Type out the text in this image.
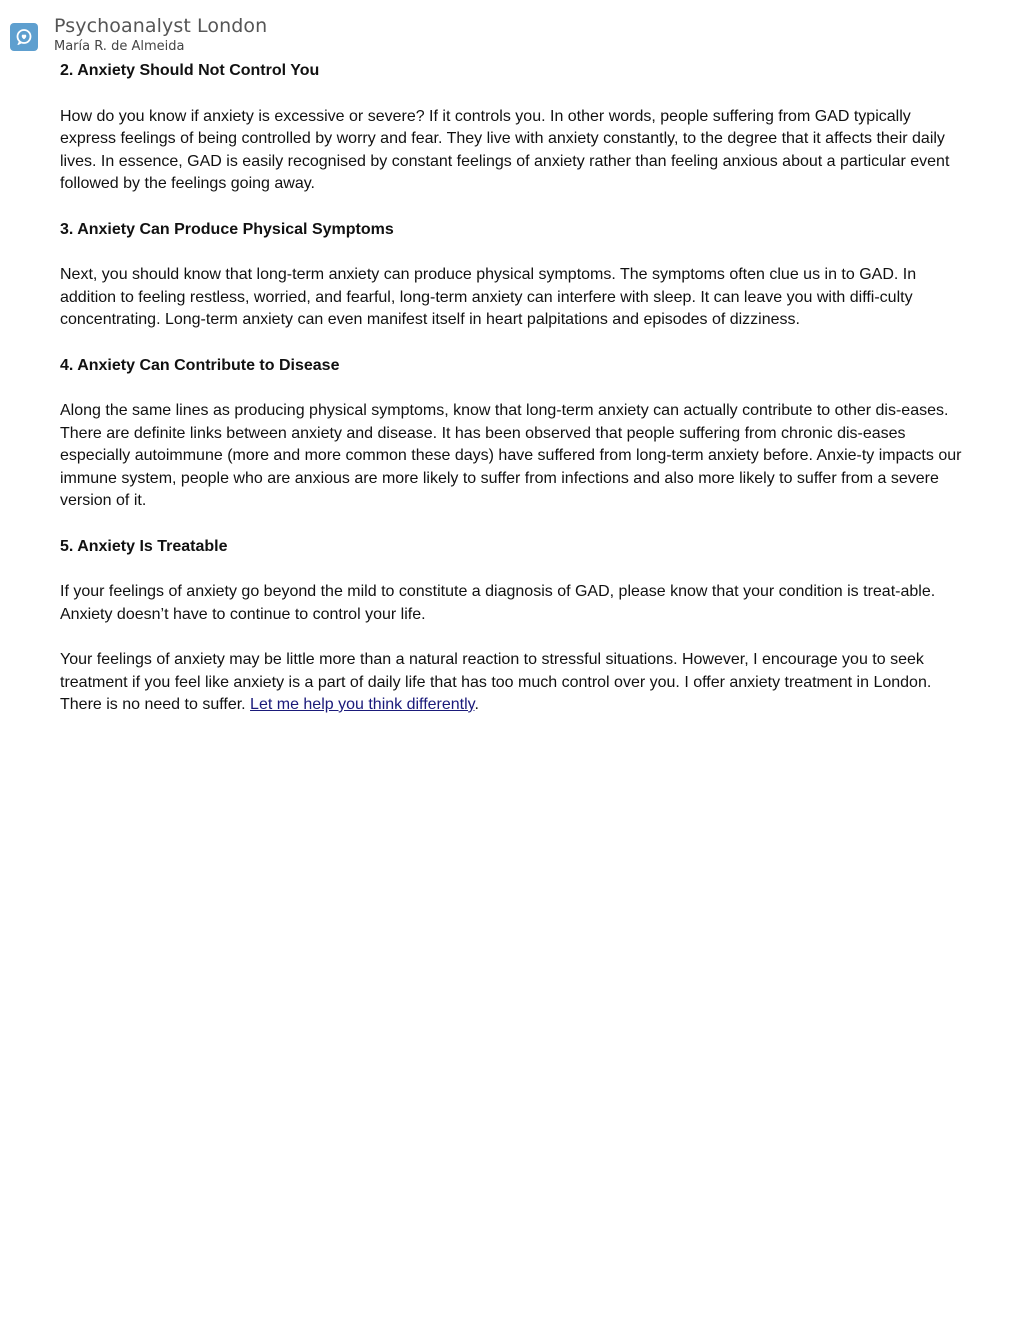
Psychoanalyst London
María R. de Almeida

2. Anxiety Should Not Control You

How do you know if anxiety is excessive or severe? If it controls you. In other words, people suffering from GAD typically express feelings of being controlled by worry and fear. They live with anxiety constantly, to the degree that it affects their daily lives. In essence, GAD is easily recognised by constant feelings of anxiety rather than feeling anxious about a particular event followed by the feelings going away.

3. Anxiety Can Produce Physical Symptoms

Next, you should know that long-term anxiety can produce physical symptoms. The symptoms often clue us in to GAD. In addition to feeling restless, worried, and fearful, long-term anxiety can interfere with sleep. It can leave you with diffi-culty concentrating. Long-term anxiety can even manifest itself in heart palpitations and episodes of dizziness.

4. Anxiety Can Contribute to Disease

Along the same lines as producing physical symptoms, know that long-term anxiety can actually contribute to other dis-eases. There are definite links between anxiety and disease. It has been observed that people suffering from chronic dis-eases especially autoimmune (more and more common these days) have suffered from long-term anxiety before. Anxie-ty impacts our immune system, people who are anxious are more likely to suffer from infections and also more likely to suffer from a severe version of it.

5. Anxiety Is Treatable

If your feelings of anxiety go beyond the mild to constitute a diagnosis of GAD, please know that your condition is treat-able. Anxiety doesn’t have to continue to control your life.

Your feelings of anxiety may be little more than a natural reaction to stressful situations. However, I encourage you to seek treatment if you feel like anxiety is a part of daily life that has too much control over you. I offer anxiety treatment in London. There is no need to suffer. Let me help you think differently.
